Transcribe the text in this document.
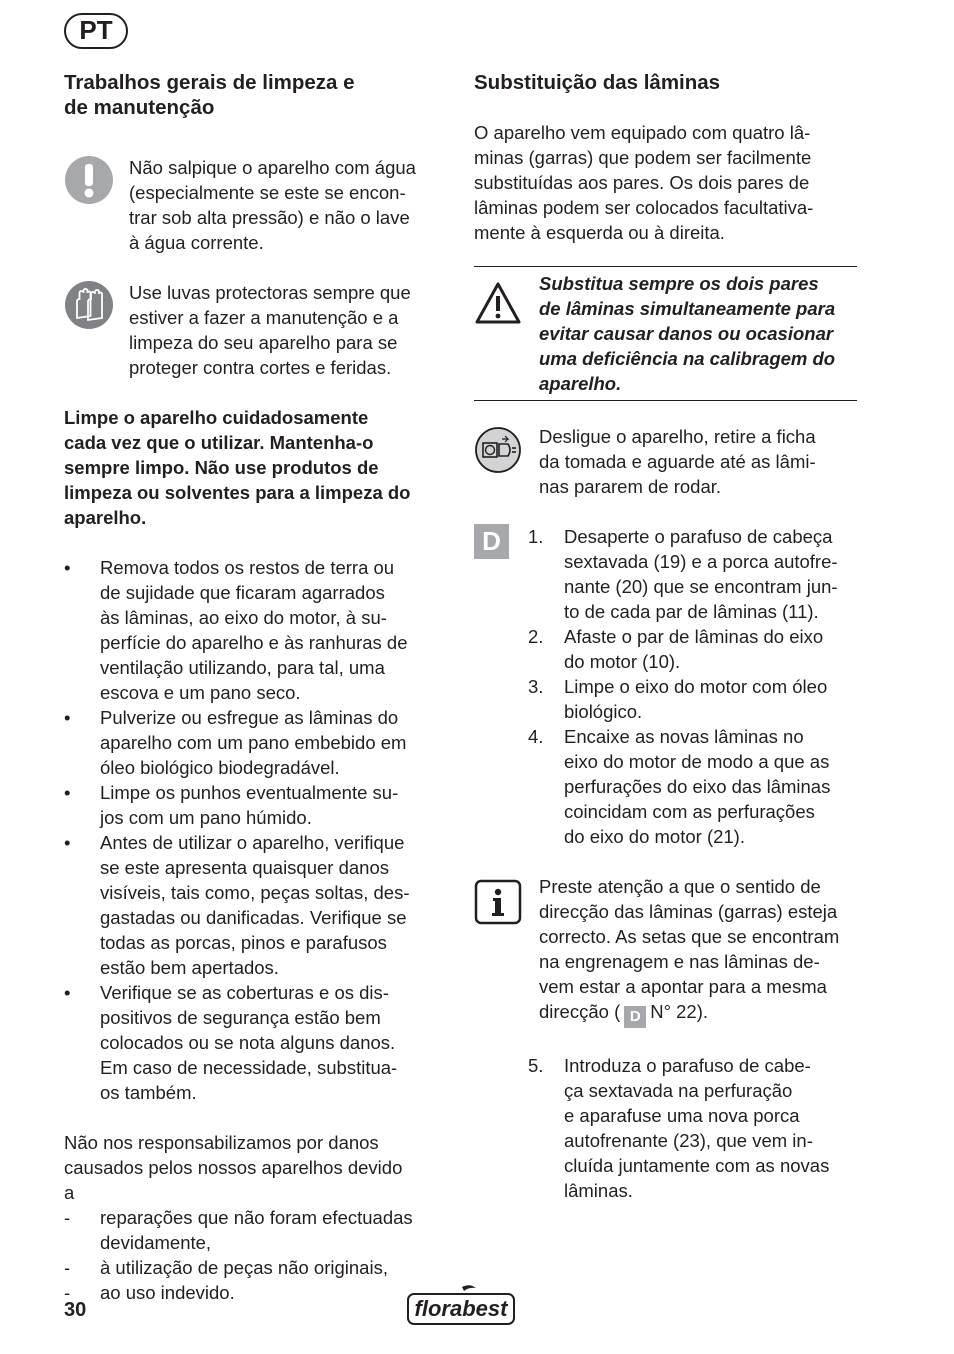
PT
Trabalhos gerais de limpeza e
de manutenção

Não salpique o aparelho com água
(especialmente se este se encon-
trar sob alta pressão) e não o lave
à água corrente.

Use luvas protectoras sempre que
estiver a fazer a manutenção e a
limpeza do seu aparelho para se
proteger contra cortes e feridas.

Limpe o aparelho cuidadosamente
cada vez que o utilizar. Mantenha-o
sempre limpo. Não use produtos de
limpeza ou solventes para a limpeza do
aparelho.

• Remova todos os restos de terra ou
de sujidade que ficaram agarrados
às lâminas, ao eixo do motor, à su-
perfície do aparelho e às ranhuras de
ventilação utilizando, para tal, uma
escova e um pano seco.
• Pulverize ou esfregue as lâminas do
aparelho com um pano embebido em
óleo biológico biodegradável.
• Limpe os punhos eventualmente su-
jos com um pano húmido.
• Antes de utilizar o aparelho, verifique
se este apresenta quaisquer danos
visíveis, tais como, peças soltas, des-
gastadas ou danificadas. Verifique se
todas as porcas, pinos e parafusos
estão bem apertados.
• Verifique se as coberturas e os dis-
positivos de segurança estão bem
colocados ou se nota alguns danos.
Em caso de necessidade, substitua-
os também.

Não nos responsabilizamos por danos
causados pelos nossos aparelhos devido
a

- reparações que não foram efectuadas
devidamente,
- à utilização de peças não originais,
- ao uso indevido.
Substituição das lâminas

O aparelho vem equipado com quatro lâ-
minas (garras) que podem ser facilmente
substituídas aos pares. Os dois pares de
lâminas podem ser colocados facultativa-
mente à esquerda ou à direita.

Substitua sempre os dois pares
de lâminas simultaneamente para
evitar causar danos ou ocasionar
uma deficiência na calibragem do
aparelho.

Desligue o aparelho, retire a ficha
da tomada e aguarde até as lâmi-
nas pararem de rodar.

D	1. Desaperte o parafuso de cabeça
sextavada (19) e a porca autofre-
nante (20) que se encontram jun-
to de cada par de lâminas (11).
2. Afaste o par de lâminas do eixo
do motor (10).
3. Limpe o eixo do motor com óleo
biológico.
4. Encaixe as novas lâminas no
eixo do motor de modo a que as
perfurações do eixo das lâminas
coincidam com as perfurações
do eixo do motor (21).

Preste atenção a que o sentido de
direcção das lâminas (garras) esteja
correcto. As setas que se encontram
na engrenagem e nas lâminas de-
vem estar a apontar para a mesma
direcção ( D N° 22).

5. Introduza o parafuso de cabe-
ça sextavada na perfuração
e aparafuse uma nova porca
autofrenante (23), que vem in-
cluída juntamente com as novas
lâminas.
30	florabest
